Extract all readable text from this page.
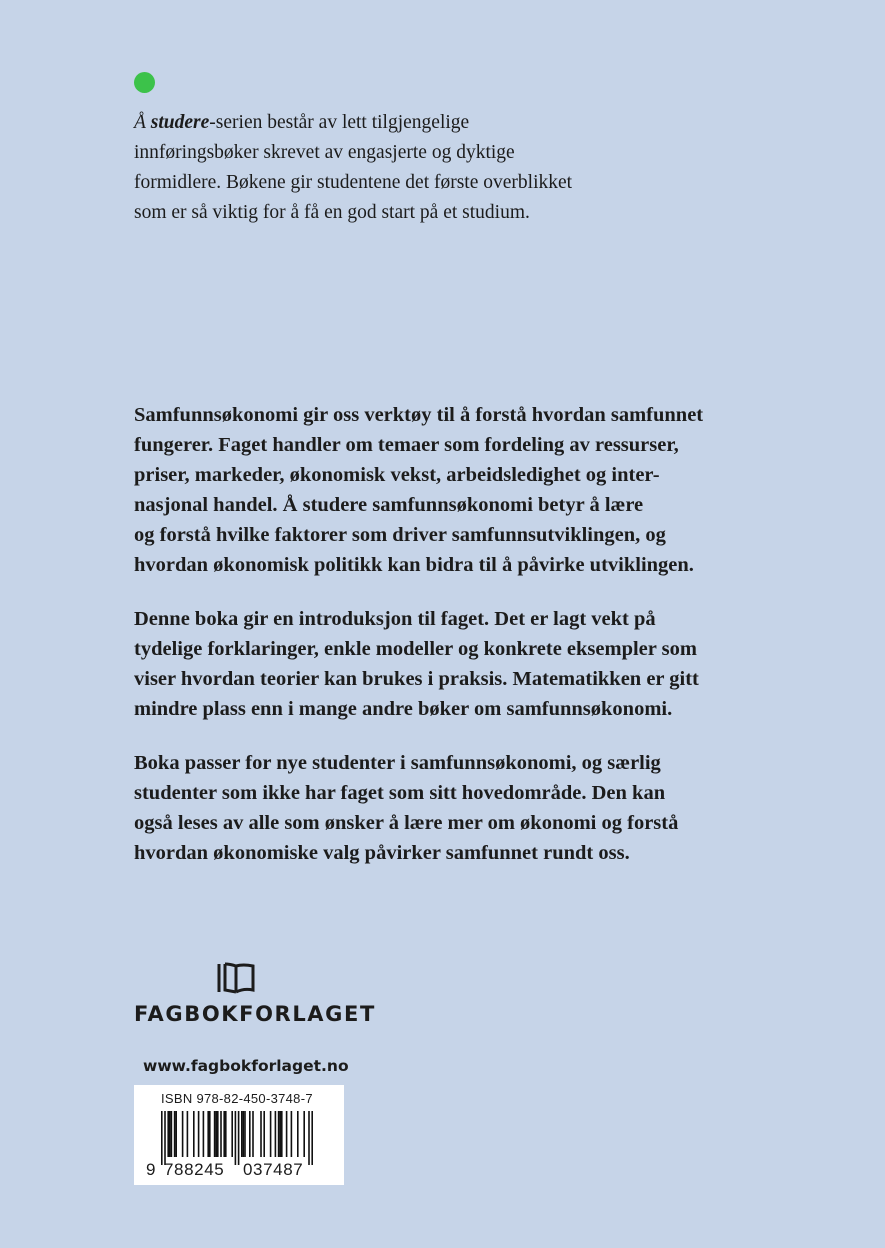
Å studere-serien består av lett tilgjengelige
innføringsbøker skrevet av engasjerte og dyktige
formidlere. Bøkene gir studentene det første overblikket
som er så viktig for å få en god start på et studium.

Samfunnsøkonomi gir oss verktøy til å forstå hvordan samfunnet
fungerer. Faget handler om temaer som fordeling av ressurser,
priser, markeder, økonomisk vekst, arbeidsledighet og inter-
nasjonal handel. Å studere samfunnsøkonomi betyr å lære
og forstå hvilke faktorer som driver samfunnsutviklingen, og
hvordan økonomisk politikk kan bidra til å påvirke utviklingen.

Denne boka gir en introduksjon til faget. Det er lagt vekt på
tydelige forklaringer, enkle modeller og konkrete eksempler som
viser hvordan teorier kan brukes i praksis. Matematikken er gitt
mindre plass enn i mange andre bøker om samfunnsøkonomi.

Boka passer for nye studenter i samfunnsøkonomi, og særlig
studenter som ikke har faget som sitt hovedområde. Den kan
også leses av alle som ønsker å lære mer om økonomi og forstå
hvordan økonomiske valg påvirker samfunnet rundt oss.

FAGBOKFORLAGET
www.fagbokforlaget.no
ISBN 978-82-450-3748-7
9 788245 037487
